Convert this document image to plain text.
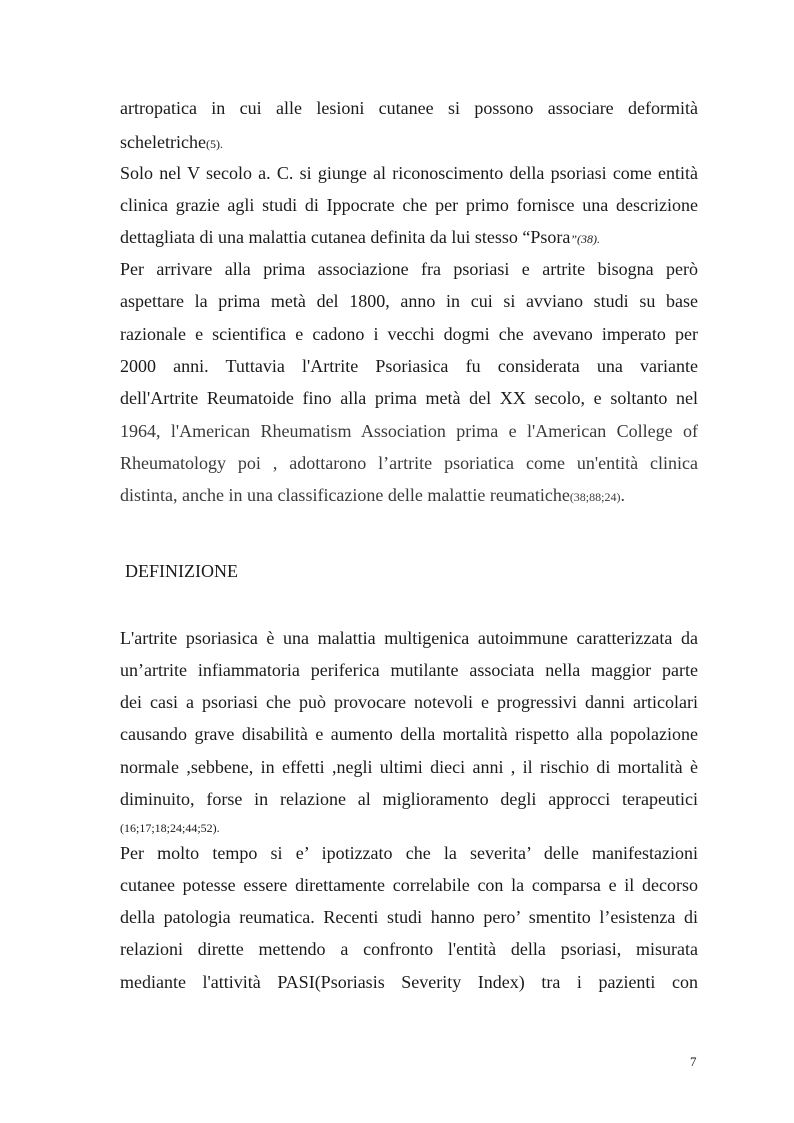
artropatica in cui alle lesioni cutanee si possono associare deformità
scheletriche(5).
Solo nel V secolo a. C. si giunge al riconoscimento della psoriasi come entità
clinica grazie agli studi di Ippocrate che per primo fornisce una descrizione
dettagliata di una malattia cutanea definita da lui stesso “Psora”(38).
Per arrivare alla prima associazione fra psoriasi e artrite bisogna però
aspettare la prima metà del 1800, anno in cui si avviano studi su base
razionale e scientifica e cadono i vecchi dogmi che avevano imperato per
2000 anni. Tuttavia l'Artrite Psoriasica fu considerata una variante
dell'Artrite Reumatoide fino alla prima metà del XX secolo, e soltanto nel
1964, l'American Rheumatism Association prima e l'American College of
Rheumatology poi , adottarono l’artrite psoriatica come un'entità clinica
distinta, anche in una classificazione delle malattie reumatiche(38;88;24).
DEFINIZIONE
L'artrite psoriasica è una malattia multigenica autoimmune caratterizzata da
un’artrite infiammatoria periferica mutilante associata nella maggior parte
dei casi a psoriasi che può provocare notevoli e progressivi danni articolari
causando grave disabilità e aumento della mortalità rispetto alla popolazione
normale ,sebbene, in effetti ,negli ultimi dieci anni , il rischio di mortalità è
diminuito, forse in relazione al miglioramento degli approcci terapeutici
(16;17;18;24;44;52).
Per molto tempo si e’ ipotizzato che la severita’ delle manifestazioni
cutanee potesse essere direttamente correlabile con la comparsa e il decorso
della patologia reumatica. Recenti studi hanno pero’ smentito l’esistenza di
relazioni dirette mettendo a confronto l'entità della psoriasi, misurata
mediante l'attività PASI(Psoriasis Severity Index) tra i pazienti con
7
